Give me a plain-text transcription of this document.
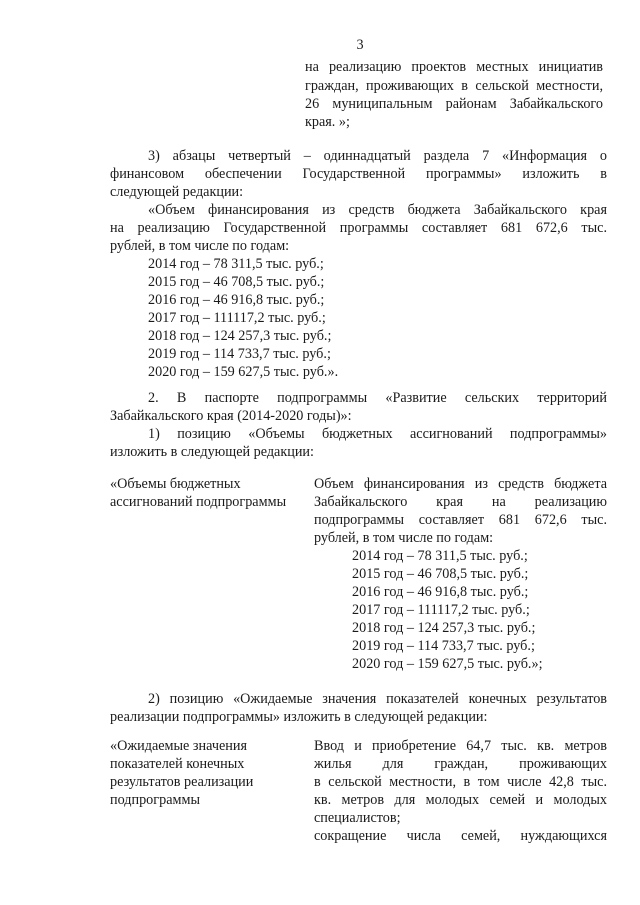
3
на реализацию проектов местных инициатив
граждан, проживающих в сельской местности,
26 муниципальным районам Забайкальского
края. »;
3) абзацы четвертый – одиннадцатый раздела 7 «Информация о
финансовом обеспечении Государственной программы» изложить в
следующей редакции:
«Объем финансирования из средств бюджета Забайкальского края
на реализацию Государственной программы составляет 681 672,6 тыс.
рублей, в том числе по годам:
2014 год – 78 311,5 тыс. руб.;
2015 год – 46 708,5 тыс. руб.;
2016 год – 46 916,8 тыс. руб.;
2017 год – 111117,2 тыс. руб.;
2018 год – 124 257,3 тыс. руб.;
2019 год – 114 733,7 тыс. руб.;
2020 год – 159 627,5 тыс. руб.».
2. В паспорте подпрограммы «Развитие сельских территорий
Забайкальского края (2014-2020 годы)»:
1) позицию «Объемы бюджетных ассигнований подпрограммы»
изложить в следующей редакции:
«Объемы бюджетных
ассигнований подпрограммы
Объем финансирования из средств бюджета
Забайкальского края на реализацию
подпрограммы составляет 681 672,6 тыс.
рублей, в том числе по годам:
2014 год – 78 311,5 тыс. руб.;
2015 год – 46 708,5 тыс. руб.;
2016 год – 46 916,8 тыс. руб.;
2017 год – 111117,2 тыс. руб.;
2018 год – 124 257,3 тыс. руб.;
2019 год – 114 733,7 тыс. руб.;
2020 год – 159 627,5 тыс. руб.»;
2) позицию «Ожидаемые значения показателей конечных результатов
реализации подпрограммы» изложить в следующей редакции:
«Ожидаемые значения
показателей конечных
результатов реализации
подпрограммы
Ввод и приобретение 64,7 тыс. кв. метров
жилья для граждан, проживающих
в сельской местности, в том числе 42,8 тыс.
кв. метров для молодых семей и молодых
специалистов;
сокращение числа семей, нуждающихся
